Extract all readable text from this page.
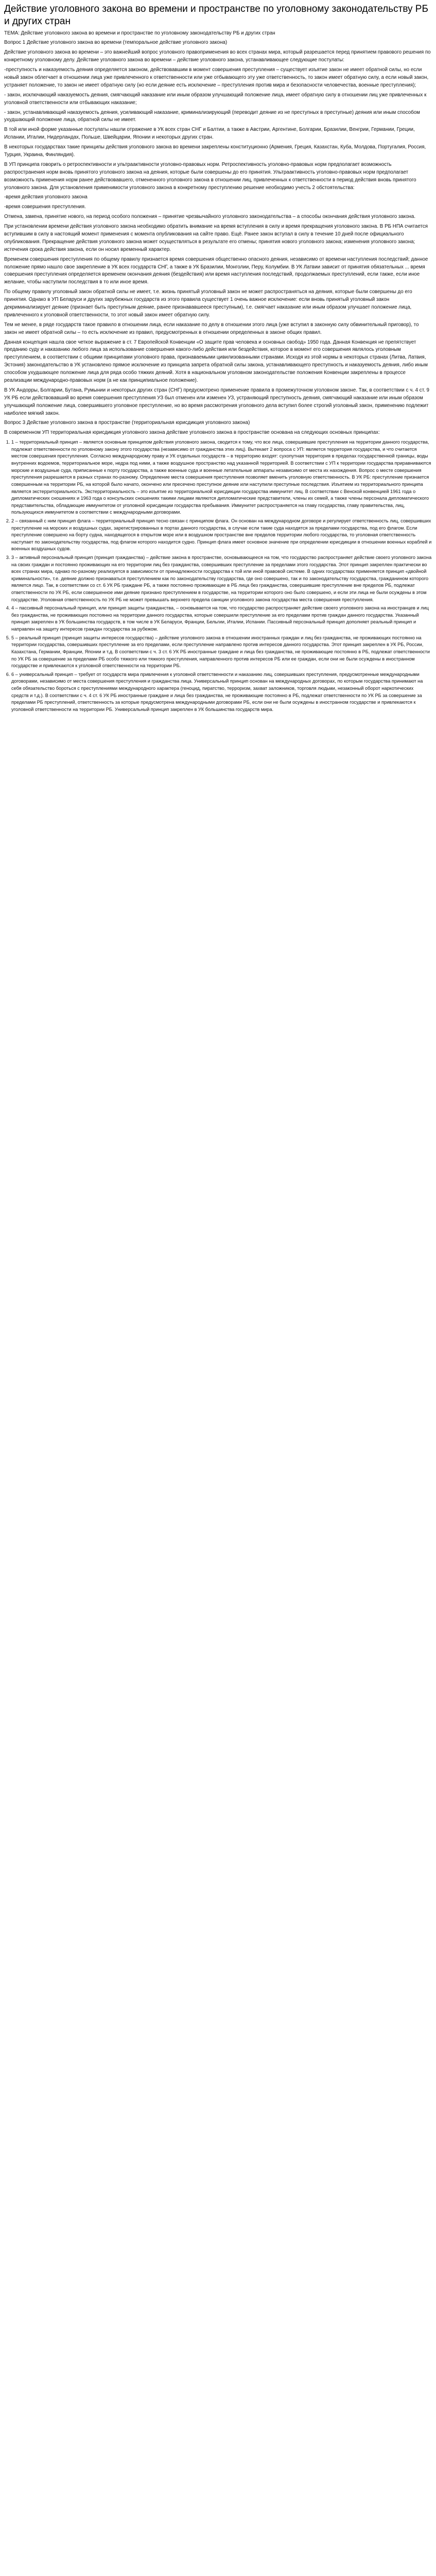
Действие уголовного закона во времени и пространстве по уголовному законодательству РБ и других стран

ТЕМА: Действие уголовного закона во времени и пространстве по уголовному законодательству РБ и других стран

Вопрос 1 Действие уголовного закона во времени (темпоральное действие уголовного закона)

Действие уголовного закона во времени – это важнейший вопрос уголовного правоприменения во всех странах мира, который разрешается перед принятием правового решения по конкретному уголовному делу. Действие уголовного закона во времени – действие уголовного закона, устанавливающее следующие постулаты:

-преступность и наказуемость деяния определяется законом, действовавшим в момент совершения преступления – существует изъятие закон не имеет обратной силы, но если новый закон облегчает в отношении лица уже привлеченного к ответственности или уже отбывающего эту уже ответственность, то закон имеет обратную силу, а если новый закон, устраняет положение, то закон не имеет обратную силу (но если деяние есть исключение – преступления против мира и безопасности человечества, военные преступления);

- закон, исключающий наказуемость деяния, смягчающий наказание или иным образом улучшающий положение лица, имеет обратную силу в отношении лиц уже привлеченных к уголовной ответственности или отбывающих наказание;

- закон, устанавливающий наказуемость деяния, усиливающий наказание, криминализирующий (переводит деяние из не преступных в преступные) деяния или иным способом ухудшающий положение лица, обратной силы не имеет.

В той или иной форме указанные постулаты нашли отражение в УК всех стран СНГ и Балтии, а также в Австрии, Аргентине, Болгарии, Бразилии, Венгрии, Германии, Греции, Испании, Италии, Нидерландах, Польше, Швейцарии, Японии и некоторых других стран.

В некоторых государствах такие принципы действия уголовного закона во времени закреплены конституционно (Армения, Греция, Казахстан, Куба, Молдова, Португалия, Россия, Турция, Украина, Финляндия).

В УП принципа говорить о ретроспективности и ультраактивности уголовно-правовых норм. Ретроспективность уголовно-правовых норм предполагает возможность распространения норм вновь принятого уголовного закона на деяния, которые были совершены до его принятия. Ультраактивность уголовно-правовых норм предполагает возможность применения норм ранее действовавшего, отмененного уголовного закона в отношении лиц, привлеченных к ответственности в период действия вновь принятого уголовного закона. Для установления применимости уголовного закона в конкретному преступлению решение необходимо учесть 2 обстоятельства:

-время действия уголовного закона

-время совершения преступления.

Отмена, замена, принятие нового, на период особого положения – принятие чрезвычайного уголовного законодательства – а способы окончания действия уголовного закона.

При установлении времени действия уголовного закона необходимо обратить внимание на время вступления в силу и время прекращения уголовного закона. В РБ НПА считается вступившим в силу в настоящий момент применения с момента опубликования на сайте право. Ещё. Ранее закон вступал в силу в течение 10 дней после официального опубликования. Прекращение действия уголовного закона может осуществляться в результате его отмены; принятия нового уголовного закона; изменения уголовного закона; истечения срока действия закона, если он носил временный характер.

Временем совершения преступления по общему правилу признается время совершения общественно опасного деяния, независимо от времени наступления последствий; данное положение прямо нашло свое закрепление в УК всех государств СНГ, а также в УК Бразилии, Монголии, Перу, Колумбии. В УК Латвии зависит от принятия обязательных ... время совершения преступления определяется временем окончания деяния (бездействия) или время наступления последствий, продолжаемых преступлений, если также, если иное желание, чтобы наступили последствия в то или иное время.

По общему правилу уголовный закон обратной силы не имеет, т.е. жизнь принятый уголовный закон не может распространяться на деяния, которые были совершены до его принятия. Однако в УП Беларуси и других зарубежных государств из этого правила существует 1 очень важное исключение: если вновь принятый уголовный закон декриминализирует деяние (признает быть преступным деяние, ранее признававшееся преступным), т.е. смягчает наказание или иным образом улучшает положение лица, привлеченного к уголовной ответственности, то этот новый закон имеет обратную силу.

Тем не менее, в ряде государств такое правило в отношении лица, если наказание по делу в отношении этого лица (уже вступил в законную силу обвинительный приговор), то закон не имеет обратной силы – то есть исключение из правил, предусмотренных в отношении определенных в законе общих правил.

Данная концепция нашла свое четкое выражение в ст. 7 Европейской Конвенции «О защите прав человека и основных свобод» 1950 года. Данная Конвенция не препятствует преданию суду и наказанию любого лица за использование совершения какого-либо действия или бездействия, которое в момент его совершения являлось уголовным преступлением, в соответствии с общими принципами уголовного права, признаваемыми цивилизованными странами. Исходя из этой нормы в некоторых странах (Литва, Латвия, Эстония) законодательство в УК установлено прямое исключение из принципа запрета обратной силы закона, устанавливающего преступность и наказуемость деяния, либо иным способом ухудшающее положение лица для ряда особо тяжких деяний. Хотя в национальном уголовном законодательстве положения Конвенции закреплены в процессе реализации международно-правовых норм (а не как принципиальное положение).

В УК Андорры, Болгарии, Бутана, Румынии и некоторых других стран (СНГ) предусмотрено применение правила в промежуточном уголовном законе. Так, в соответствии с ч. 4 ст. 9 УК РБ если действовавший во время совершения преступления УЗ был отменен или изменен УЗ, устраняющий преступность деяния, смягчающий наказание или иным образом улучшающий положение лица, совершившего уголовное преступление, но во время рассмотрения уголовного дела вступил более строгий уголовный закон, применению подлежит наиболее мягкий закон.

Вопрос 3 Действие уголовного закона в пространстве (территориальная юрисдикция уголовного закона)

В современном УП территориальная юрисдикция уголовного закона действие уголовного закона в пространстве основана на следующих основных принципах:

1.

1 – территориальный принцип – является основным принципом действия уголовного закона, сводится к тому, что все лица, совершившие преступления на территории данного государства, подлежат ответственности по уголовному закону этого государства (независимо от гражданства этих лиц). Вытекает 2 вопроса с УП: является территория государства, и что считается местом совершения преступления. Согласно международному праву и УК отдельных государств – в территорию входят: сухопутная территория в пределах государственной границы, воды внутренних водоемов, территориальное море, недра под ними, а также воздушное пространство над указанной территорией. В соответствии с УП к территории государства приравниваются морские и воздушные суда, приписанные к порту государства, а также военные суда и военные летательные аппараты независимо от места их нахождения. Вопрос о месте совершения преступления разрешается в разных странах по-разному. Определение места совершения преступления позволяет вменить уголовную ответственность. В УК РБ: преступление признается совершенным на территории РБ, на которой было начато, окончено или пресечено преступное деяние или наступили преступные последствия. Изъятием из территориального принципа является экстерриториальность. Экстерриториальность – это изъятие из территориальной юрисдикции государства иммунитет лиц. В соответствии с Венской конвенцией 1961 года о дипломатических сношениях и 1963 года о консульских сношениях такими лицами являются дипломатические представители, члены их семей, а также члены персонала дипломатического представительства, обладающие иммунитетом от уголовной юрисдикции государства пребывания. Иммунитет распространяется на главу государства, главу правительства, лиц, пользующихся иммунитетом в соответствии с международными договорами.

2.

2 – связанный с ним принцип флага – территориальный принцип тесно связан с принципом флага. Он основан на международном договоре и регулирует ответственность лиц, совершивших преступление на морских и воздушных судах, зарегистрированных в портах данного государства, в случае если такие суда находятся за пределами государства, под его флагом. Если преступление совершено на борту судна, находящегося в открытом море или в воздушном пространстве вне пределов территории любого государства, то уголовная ответственность наступает по законодательству государства, под флагом которого находится судно. Принцип флага имеет основное значение при определении юрисдикции в отношении военных кораблей и военных воздушных судов.

3.

3 – активный персональный принцип (принцип гражданства) – действие закона в пространстве, основывающееся на том, что государство распространяет действие своего уголовного закона на своих граждан и постоянно проживающих на его территории лиц без гражданства, совершивших преступление за пределами этого государства. Этот принцип закреплен практически во всех странах мира, однако по-разному реализуется в зависимости от принадлежности государства к той или иной правовой системе. В одних государствах применяется принцип «двойной криминальности», т.е. деяние должно признаваться преступлением как по законодательству государства, где оно совершено, так и по законодательству государства, гражданином которого является лицо. Так, в соответствии со ст. 6 УК РБ граждане РБ, а также постоянно проживающие в РБ лица без гражданства, совершившие преступление вне пределов РБ, подлежат ответственности по УК РБ, если совершенное ими деяние признано преступлением в государстве, на территории которого оно было совершено, и если эти лица не были осуждены в этом государстве. Уголовная ответственность по УК РБ не может превышать верхнего предела санкции уголовного закона государства места совершения преступления.

4.

4 – пассивный персональный принцип, или принцип защиты гражданства, – основывается на том, что государство распространяет действие своего уголовного закона на иностранцев и лиц без гражданства, не проживающих постоянно на территории данного государства, которые совершили преступление за его пределами против граждан данного государства. Указанный принцип закреплен в УК большинства государств, в том числе в УК Беларуси, Франции, Бельгии, Италии, Испании. Пассивный персональный принцип дополняет реальный принцип и направлен на защиту интересов граждан государства за рубежом.

5.

5 – реальный принцип (принцип защиты интересов государства) – действие уголовного закона в отношении иностранных граждан и лиц без гражданства, не проживающих постоянно на территории государства, совершивших преступление за его пределами, если преступление направлено против интересов данного государства. Этот принцип закреплен в УК РБ, России, Казахстана, Германии, Франции, Японии и т.д. В соответствии с ч. 3 ст. 6 УК РБ иностранные граждане и лица без гражданства, не проживающие постоянно в РБ, подлежат ответственности по УК РБ за совершение за пределами РБ особо тяжкого или тяжкого преступления, направленного против интересов РБ или ее граждан, если они не были осуждены в иностранном государстве и привлекаются к уголовной ответственности на территории РБ.

6.

6 – универсальный принцип – требует от государств мира привлечения к уголовной ответственности и наказанию лиц, совершивших преступления, предусмотренные международными договорами, независимо от места совершения преступления и гражданства лица. Универсальный принцип основан на международных договорах, по которым государства принимают на себя обязательство бороться с преступлениями международного характера (геноцид, пиратство, терроризм, захват заложников, торговля людьми, незаконный оборот наркотических средств и т.д.). В соответствии с ч. 4 ст. 6 УК РБ иностранные граждане и лица без гражданства, не проживающие постоянно в РБ, подлежат ответственности по УК РБ за совершение за пределами РБ преступлений, ответственность за которые предусмотрена международными договорами РБ, если они не были осуждены в иностранном государстве и привлекаются к уголовной ответственности на территории РБ. Универсальный принцип закреплен в УК большинства государств мира.
